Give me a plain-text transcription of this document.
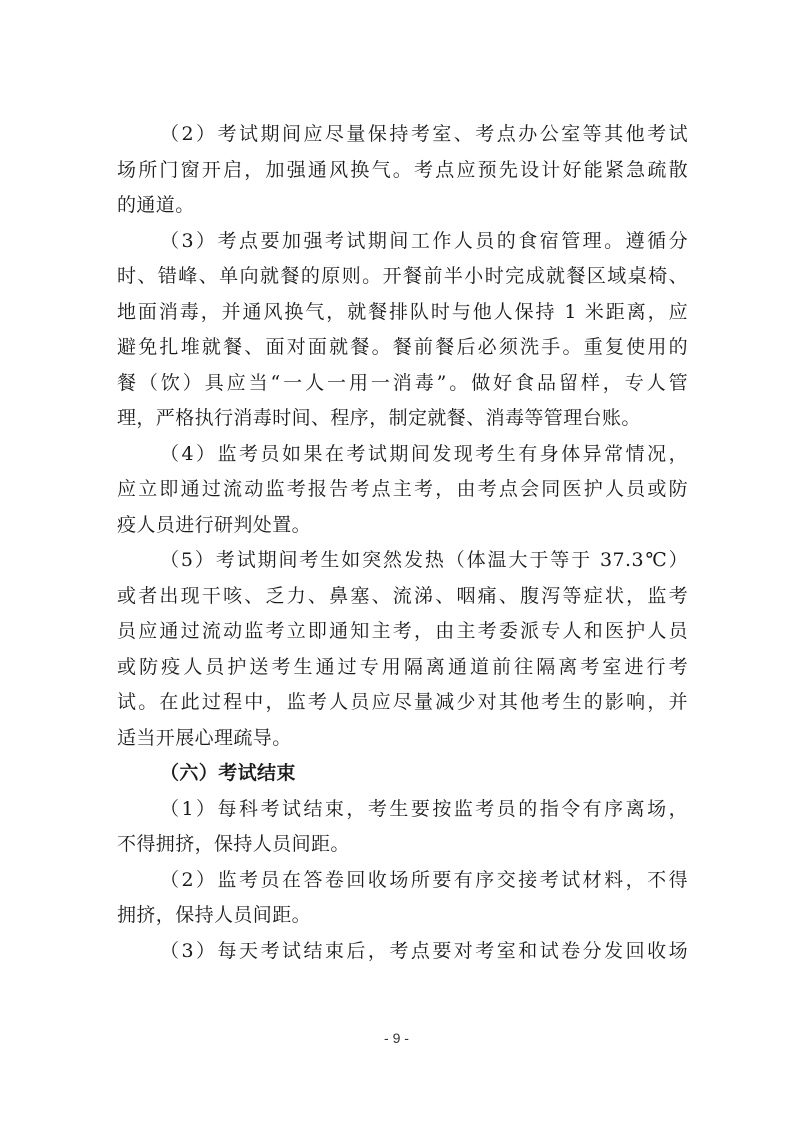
（2）考试期间应尽量保持考室、考点办公室等其他考试
场所门窗开启，加强通风换气。考点应预先设计好能紧急疏散
的通道。
（3）考点要加强考试期间工作人员的食宿管理。遵循分
时、错峰、单向就餐的原则。开餐前半小时完成就餐区域桌椅、
地面消毒，并通风换气，就餐排队时与他人保持 1 米距离，应
避免扎堆就餐、面对面就餐。餐前餐后必须洗手。重复使用的
餐（饮）具应当“一人一用一消毒”。做好食品留样，专人管
理，严格执行消毒时间、程序，制定就餐、消毒等管理台账。
（4）监考员如果在考试期间发现考生有身体异常情况，
应立即通过流动监考报告考点主考，由考点会同医护人员或防
疫人员进行研判处置。
（5）考试期间考生如突然发热（体温大于等于 37.3℃）
或者出现干咳、乏力、鼻塞、流涕、咽痛、腹泻等症状，监考
员应通过流动监考立即通知主考，由主考委派专人和医护人员
或防疫人员护送考生通过专用隔离通道前往隔离考室进行考
试。在此过程中，监考人员应尽量减少对其他考生的影响，并
适当开展心理疏导。
（六）考试结束
（1）每科考试结束，考生要按监考员的指令有序离场，
不得拥挤，保持人员间距。
（2）监考员在答卷回收场所要有序交接考试材料，不得
拥挤，保持人员间距。
（3）每天考试结束后，考点要对考室和试卷分发回收场
- 9 -
